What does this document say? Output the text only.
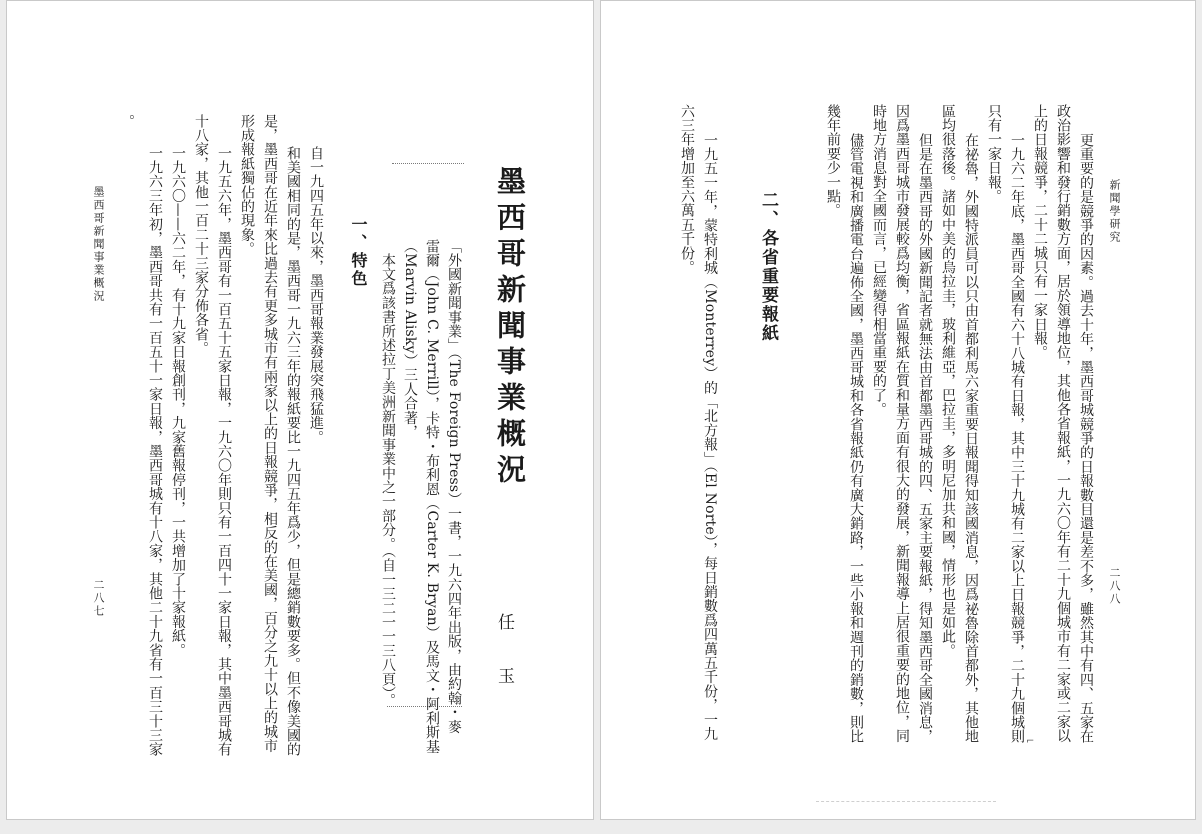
墨西哥新聞事業概況
二八七
墨西哥新聞事業概況
任　玉
「外國新聞事業」（The Foreign Press）一書，一九六四年出版，由約翰・麥
雷爾（John C. Merrill），卡特・布利恩（Carter K. Bryan）及馬文・阿利斯基
（Marvin Alisky）三人合著，
本文爲該書所述拉丁美洲新聞事業中之一部分。（自一三二一一三八頁）。
一、特色
自一九四五年以來，墨西哥報業發展突飛猛進。
和美國相同的是，墨西哥一九六三年的報紙要比一九四五年爲少，但是總銷數要多。但不像美國的
是，墨西哥在近年來比過去有更多城市有兩家以上的日報競爭，相反的在美國，百分之九十以上的城市
形成報紙獨佔的現象。
一九五六年，墨西哥有一百五十五家日報，一九六〇年則只有一百四十一家日報，其中墨西哥城有
十八家，其他一百二十三家分佈各省。
一九六〇——六二年，有十九家日報創刊，九家舊報停刊，一共增加了十家報紙。
一九六三年初，墨西哥共有一百五十一家日報，墨西哥城有十八家，其他二十九省有一百三十三家
。
新聞學研究
二八八
更重要的是競爭的因素。過去十年，墨西哥城競爭的日報數目還是差不多，雖然其中有四、五家在
政治影響和發行銷數方面，居於領導地位，其他各省報紙，一九六〇年有二十九個城市有二家或二家以
上的日報競爭，二十二城只有一家日報。
一九六二年底，墨西哥全國有六十八城有日報，其中三十九城有二家以上日報競爭，二十九個城則
只有一家日報。
在祕魯，外國特派員可以只由首都利馬六家重要日報聞得知該國消息，因爲祕魯除首都外，其他地
區均很落後。諸如中美的烏拉圭，玻利維亞，巴拉圭，多明尼加共和國，情形也是如此。
但是在墨西哥的外國新聞記者就無法由首都墨西哥城的四、五家主要報紙，得知墨西哥全國消息，
因爲墨西哥城市發展較爲均衡，省區報紙在質和量方面有很大的發展，新聞報導上居很重要的地位，同
時地方消息對全國而言，已經變得相當重要的了。
儘管電視和廣播電台遍佈全國，墨西哥城和各省報紙仍有廣大銷路，一些小報和週刊的銷數，則比
幾年前要少一點。
二、各省重要報紙
一九五一年，蒙特利城（Monterrey）的「北方報」（El Norte），每日銷數爲四萬五千份，一九
六三年增加至六萬五千份。
⌐
